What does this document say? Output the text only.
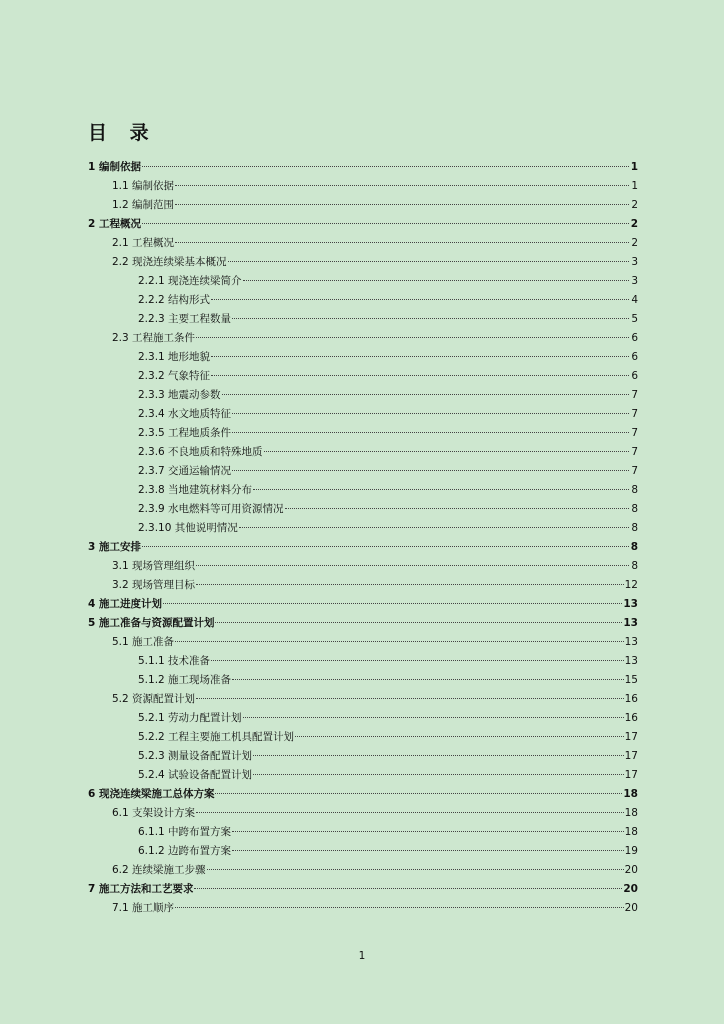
目 录
1 编制依据	1
1.1 编制依据	1
1.2 编制范围	2
2 工程概况	2
2.1 工程概况	2
2.2 现浇连续梁基本概况	3
2.2.1 现浇连续梁简介	3
2.2.2 结构形式	4
2.2.3 主要工程数量	5
2.3 工程施工条件	6
2.3.1 地形地貌	6
2.3.2 气象特征	6
2.3.3 地震动参数	7
2.3.4 水文地质特征	7
2.3.5 工程地质条件	7
2.3.6 不良地质和特殊地质	7
2.3.7 交通运输情况	7
2.3.8 当地建筑材料分布	8
2.3.9 水电燃料等可用资源情况	8
2.3.10 其他说明情况	8
3 施工安排	8
3.1 现场管理组织	8
3.2 现场管理目标	12
4 施工进度计划	13
5 施工准备与资源配置计划	13
5.1 施工准备	13
5.1.1 技术准备	13
5.1.2 施工现场准备	15
5.2 资源配置计划	16
5.2.1 劳动力配置计划	16
5.2.2 工程主要施工机具配置计划	17
5.2.3 测量设备配置计划	17
5.2.4 试验设备配置计划	17
6 现浇连续梁施工总体方案	18
6.1 支架设计方案	18
6.1.1 中跨布置方案	18
6.1.2 边跨布置方案	19
6.2 连续梁施工步骤	20
7 施工方法和工艺要求	20
7.1 施工顺序	20
1
